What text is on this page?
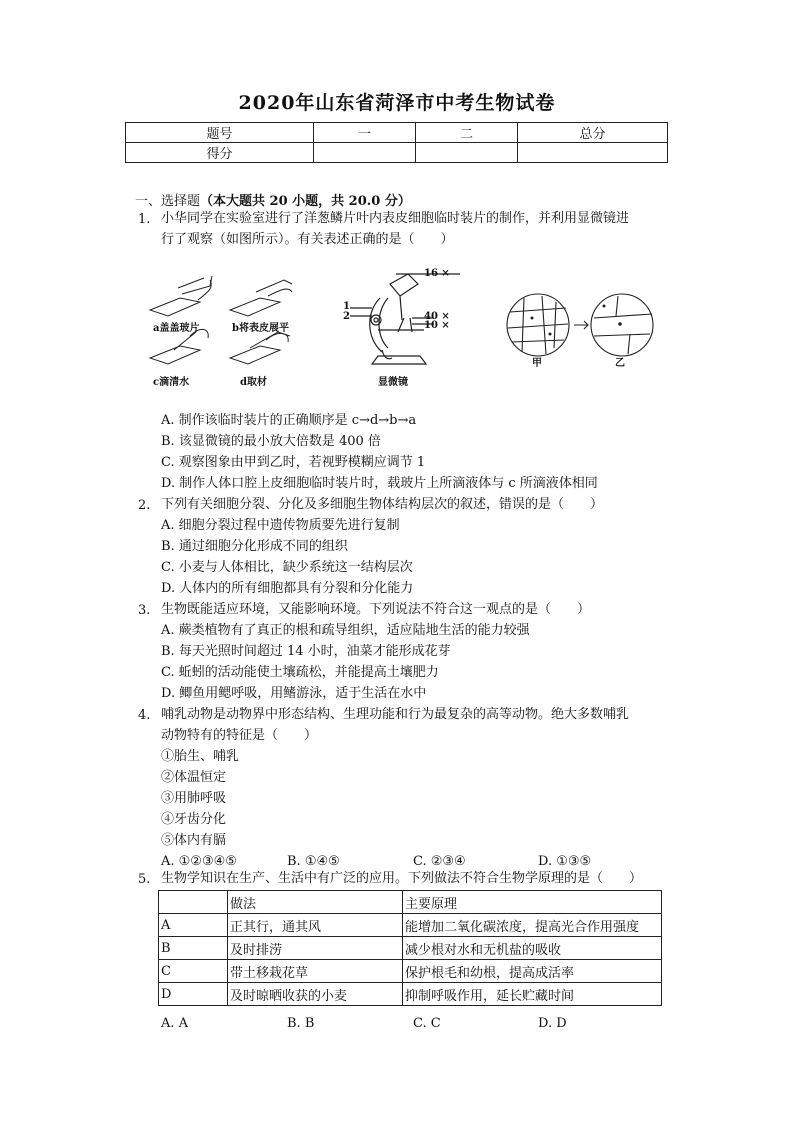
2020年山东省菏泽市中考生物试卷
题号	一	二	总分
得分			
一、选择题（本大题共 20 小题，共 20.0 分）
1. 小华同学在实验室进行了洋葱鳞片叶内表皮细胞临时装片的制作，并利用显微镜进
行了观察（如图所示）。有关表述正确的是（　　）
a盖盖玻片	b将表皮展平
c滴清水	d取材
16 ×
40 ×
10 ×
1
2
显微镜
甲	乙
A. 制作该临时装片的正确顺序是 c→d→b→a
B. 该显微镜的最小放大倍数是 400 倍
C. 观察图象由甲到乙时，若视野模糊应调节 1
D. 制作人体口腔上皮细胞临时装片时，载玻片上所滴液体与 c 所滴液体相同
2. 下列有关细胞分裂、分化及多细胞生物体结构层次的叙述，错误的是（　　）
A. 细胞分裂过程中遗传物质要先进行复制
B. 通过细胞分化形成不同的组织
C. 小麦与人体相比，缺少系统这一结构层次
D. 人体内的所有细胞都具有分裂和分化能力
3. 生物既能适应环境，又能影响环境。下列说法不符合这一观点的是（　　）
A. 蕨类植物有了真正的根和疏导组织，适应陆地生活的能力较强
B. 每天光照时间超过 14 小时，油菜才能形成花芽
C. 蚯蚓的活动能使土壤疏松，并能提高土壤肥力
D. 鲫鱼用鳃呼吸，用鳍游泳，适于生活在水中
4. 哺乳动物是动物界中形态结构、生理功能和行为最复杂的高等动物。绝大多数哺乳
动物特有的特征是（　　）
①胎生、哺乳
②体温恒定
③用肺呼吸
④牙齿分化
⑤体内有膈
A. ①②③④⑤	B. ①④⑤	C. ②③④	D. ①③⑤
5. 生物学知识在生产、生活中有广泛的应用。下列做法不符合生物学原理的是（　　）
	做法	主要原理
A	正其行，通其风	能增加二氧化碳浓度，提高光合作用强度
B	及时排涝	减少根对水和无机盐的吸收
C	带土移栽花草	保护根毛和幼根，提高成活率
D	及时晾晒收获的小麦	抑制呼吸作用，延长贮藏时间
A. A	B. B	C. C	D. D
